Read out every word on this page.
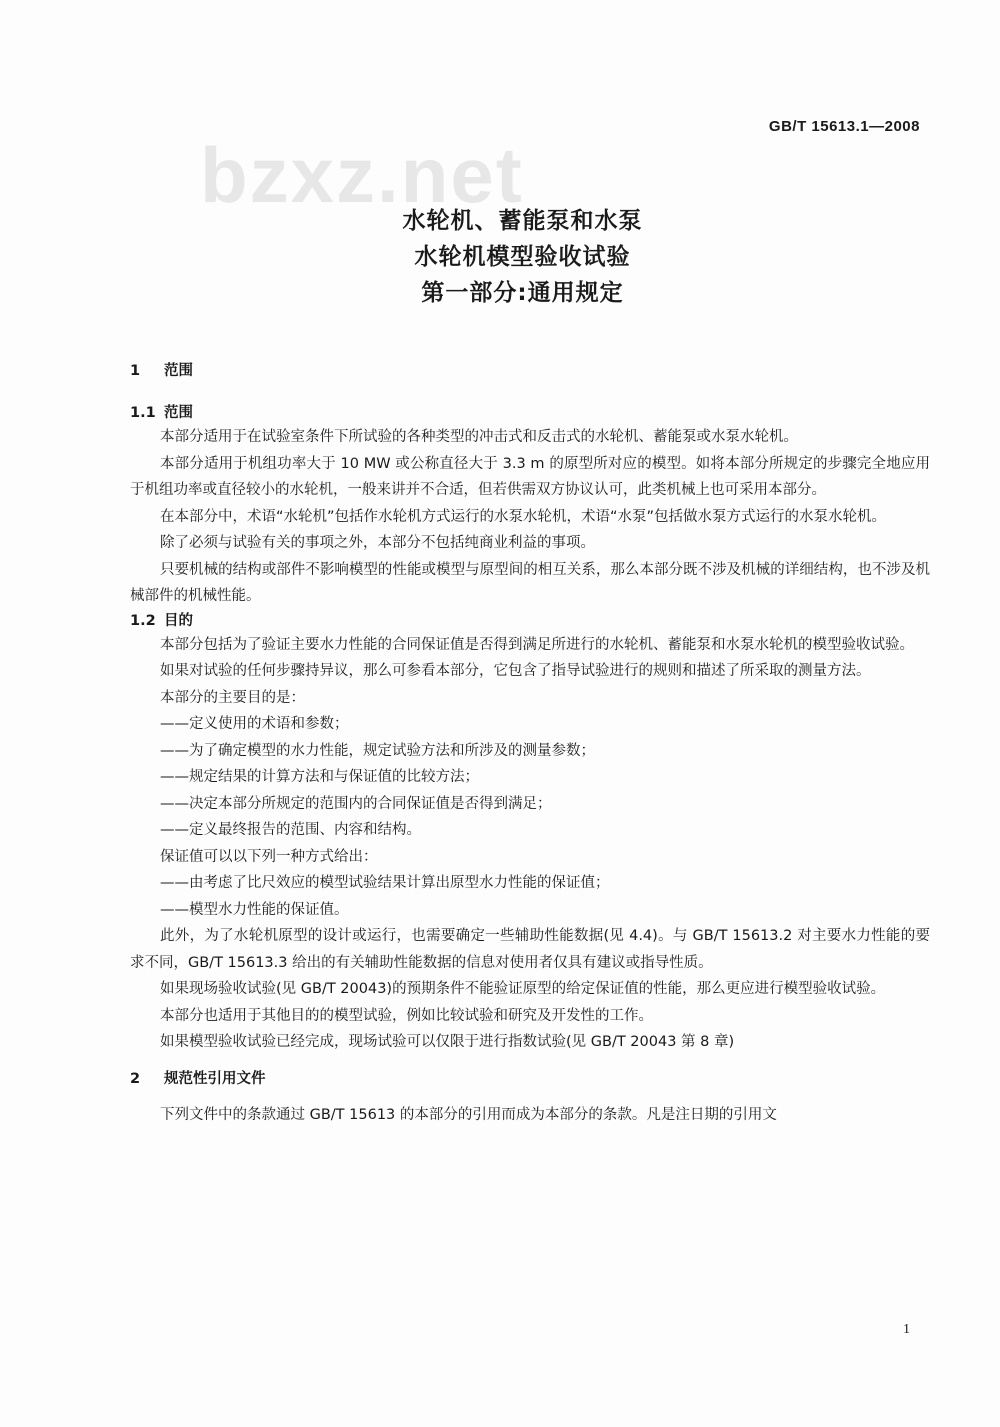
GB/T 15613.1—2008
bzxz.net
水轮机、蓄能泵和水泵
水轮机模型验收试验
第一部分:通用规定
1 范围
1.1 范围

本部分适用于在试验室条件下所试验的各种类型的冲击式和反击式的水轮机、蓄能泵或水泵水轮机。

本部分适用于机组功率大于 10 MW 或公称直径大于 3.3 m 的原型所对应的模型。如将本部分所规定的步骤完全地应用于机组功率或直径较小的水轮机，一般来讲并不合适，但若供需双方协议认可，此类机械上也可采用本部分。

在本部分中，术语“水轮机”包括作水轮机方式运行的水泵水轮机，术语“水泵”包括做水泵方式运行的水泵水轮机。

除了必须与试验有关的事项之外，本部分不包括纯商业利益的事项。

只要机械的结构或部件不影响模型的性能或模型与原型间的相互关系，那么本部分既不涉及机械的详细结构，也不涉及机械部件的机械性能。

1.2 目的

本部分包括为了验证主要水力性能的合同保证值是否得到满足所进行的水轮机、蓄能泵和水泵水轮机的模型验收试验。

如果对试验的任何步骤持异议，那么可参看本部分，它包含了指导试验进行的规则和描述了所采取的测量方法。

本部分的主要目的是：

——定义使用的术语和参数；

——为了确定模型的水力性能，规定试验方法和所涉及的测量参数；

——规定结果的计算方法和与保证值的比较方法；

——决定本部分所规定的范围内的合同保证值是否得到满足；

——定义最终报告的范围、内容和结构。

保证值可以以下列一种方式给出：

——由考虑了比尺效应的模型试验结果计算出原型水力性能的保证值；

——模型水力性能的保证值。

此外，为了水轮机原型的设计或运行，也需要确定一些辅助性能数据(见 4.4)。与 GB/T 15613.2 对主要水力性能的要求不同，GB/T 15613.3 给出的有关辅助性能数据的信息对使用者仅具有建议或指导性质。

如果现场验收试验(见 GB/T 20043)的预期条件不能验证原型的给定保证值的性能，那么更应进行模型验收试验。

本部分也适用于其他目的的模型试验，例如比较试验和研究及开发性的工作。

如果模型验收试验已经完成，现场试验可以仅限于进行指数试验(见 GB/T 20043 第 8 章)

2 规范性引用文件

下列文件中的条款通过 GB/T 15613 的本部分的引用而成为本部分的条款。凡是注日期的引用文

1
